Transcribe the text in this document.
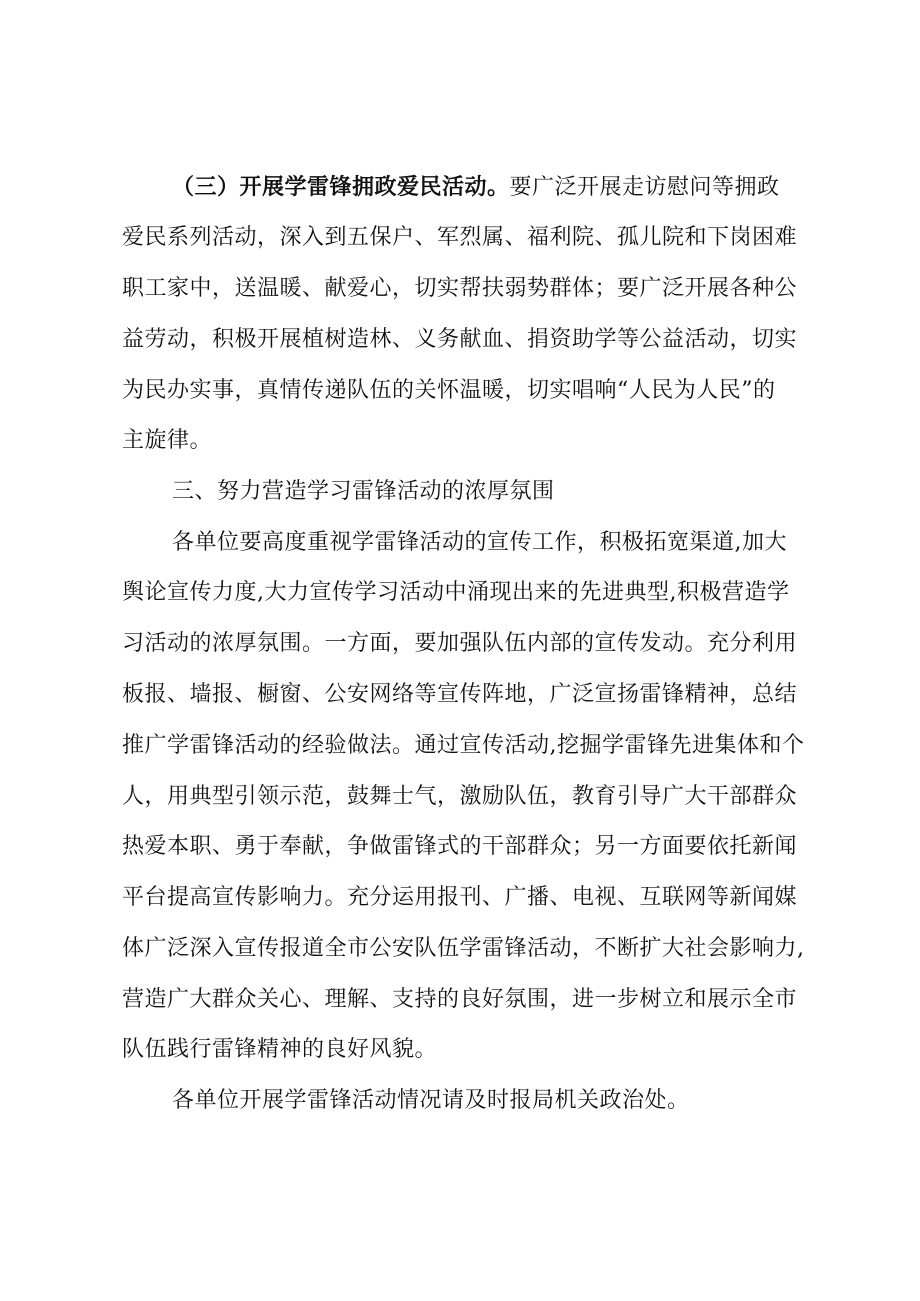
（三）开展学雷锋拥政爱民活动。要广泛开展走访慰问等拥政
爱民系列活动，深入到五保户、军烈属、福利院、孤儿院和下岗困难
职工家中，送温暖、献爱心，切实帮扶弱势群体；要广泛开展各种公
益劳动，积极开展植树造林、义务献血、捐资助学等公益活动，切实
为民办实事，真情传递队伍的关怀温暖，切实唱响“人民为人民”的
主旋律。
三、努力营造学习雷锋活动的浓厚氛围
各单位要高度重视学雷锋活动的宣传工作，积极拓宽渠道,加大
舆论宣传力度,大力宣传学习活动中涌现出来的先进典型,积极营造学
习活动的浓厚氛围。一方面，要加强队伍内部的宣传发动。充分利用
板报、墙报、橱窗、公安网络等宣传阵地，广泛宣扬雷锋精神，总结
推广学雷锋活动的经验做法。通过宣传活动,挖掘学雷锋先进集体和个
人，用典型引领示范，鼓舞士气，激励队伍，教育引导广大干部群众
热爱本职、勇于奉献，争做雷锋式的干部群众；另一方面要依托新闻
平台提高宣传影响力。充分运用报刊、广播、电视、互联网等新闻媒
体广泛深入宣传报道全市公安队伍学雷锋活动，不断扩大社会影响力,
营造广大群众关心、理解、支持的良好氛围，进一步树立和展示全市
队伍践行雷锋精神的良好风貌。
各单位开展学雷锋活动情况请及时报局机关政治处。
